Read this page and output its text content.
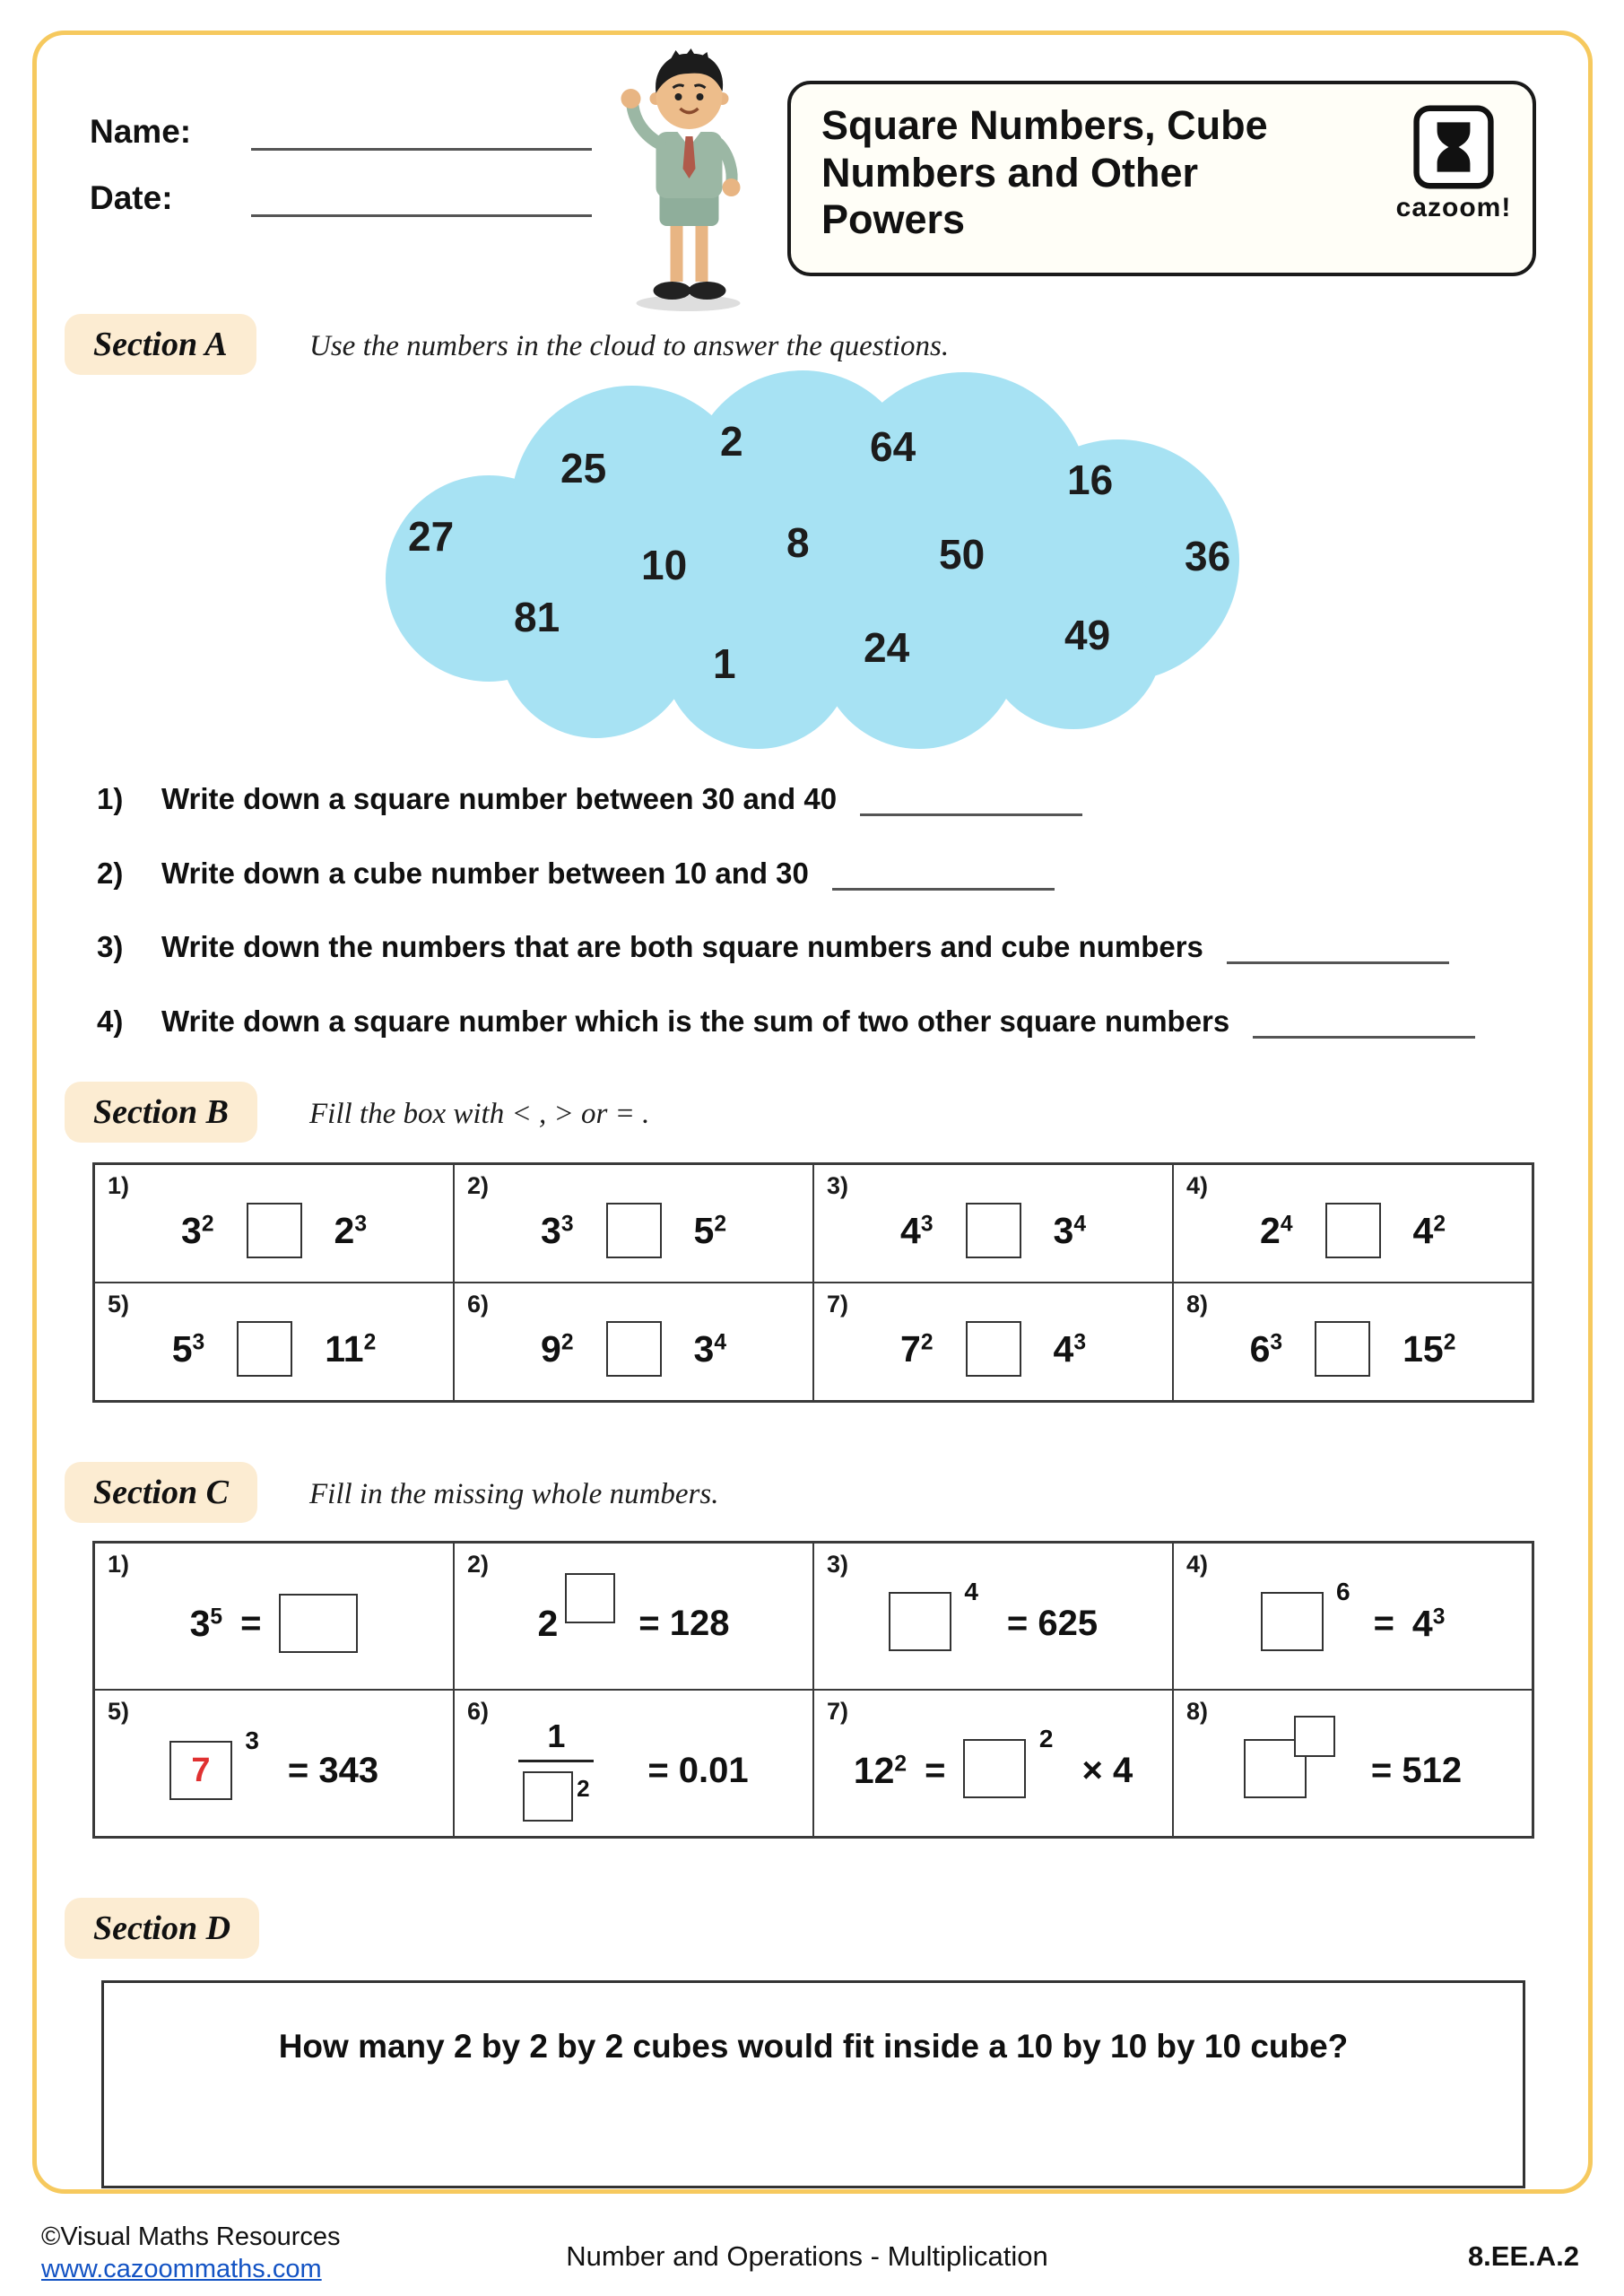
Name:
Date:
Square Numbers, Cube
Numbers and Other
Powers	cazoom!
Section A	Use the numbers in the cloud to answer the questions.
25
2	64
16
27
10 8	50	36
81
1	24	49
1)	Write down a square number between 30 and 40
2)	Write down a cube number between 10 and 30
3)	Write down the numbers that are both square numbers and cube numbers
4)	Write down a square number which is the sum of two other square numbers
Section B	Fill the box with < , > or = .
1)
$3^2$	$2^3$
2)
$3^3$	$5^2$
3)
$4^3$	$3^4$
4)
$2^4$	$4^2$
5)
$5^3$	$11^2$
6)
$9^2$	$3^4$
7)
$7^2$	$4^3$
8)
$6^3$	$15^2$
Section C	Fill in the missing whole numbers.
1)
$3^5$ =
2)
2 = 128
3)
4
= 625
4)
6
= $4^3$
5)
7
3
= 343
6)
$\frac{1}{2} = 0.01$
7)
$12^2$ =
2
× 4
8)
= 512
Section D
How many 2 by 2 by 2 cubes would fit inside a 10 by 10 by 10 cube?
©Visual Maths Resources
www.cazoommaths.com	Number and Operations - Multiplication	8.EE.A.2
